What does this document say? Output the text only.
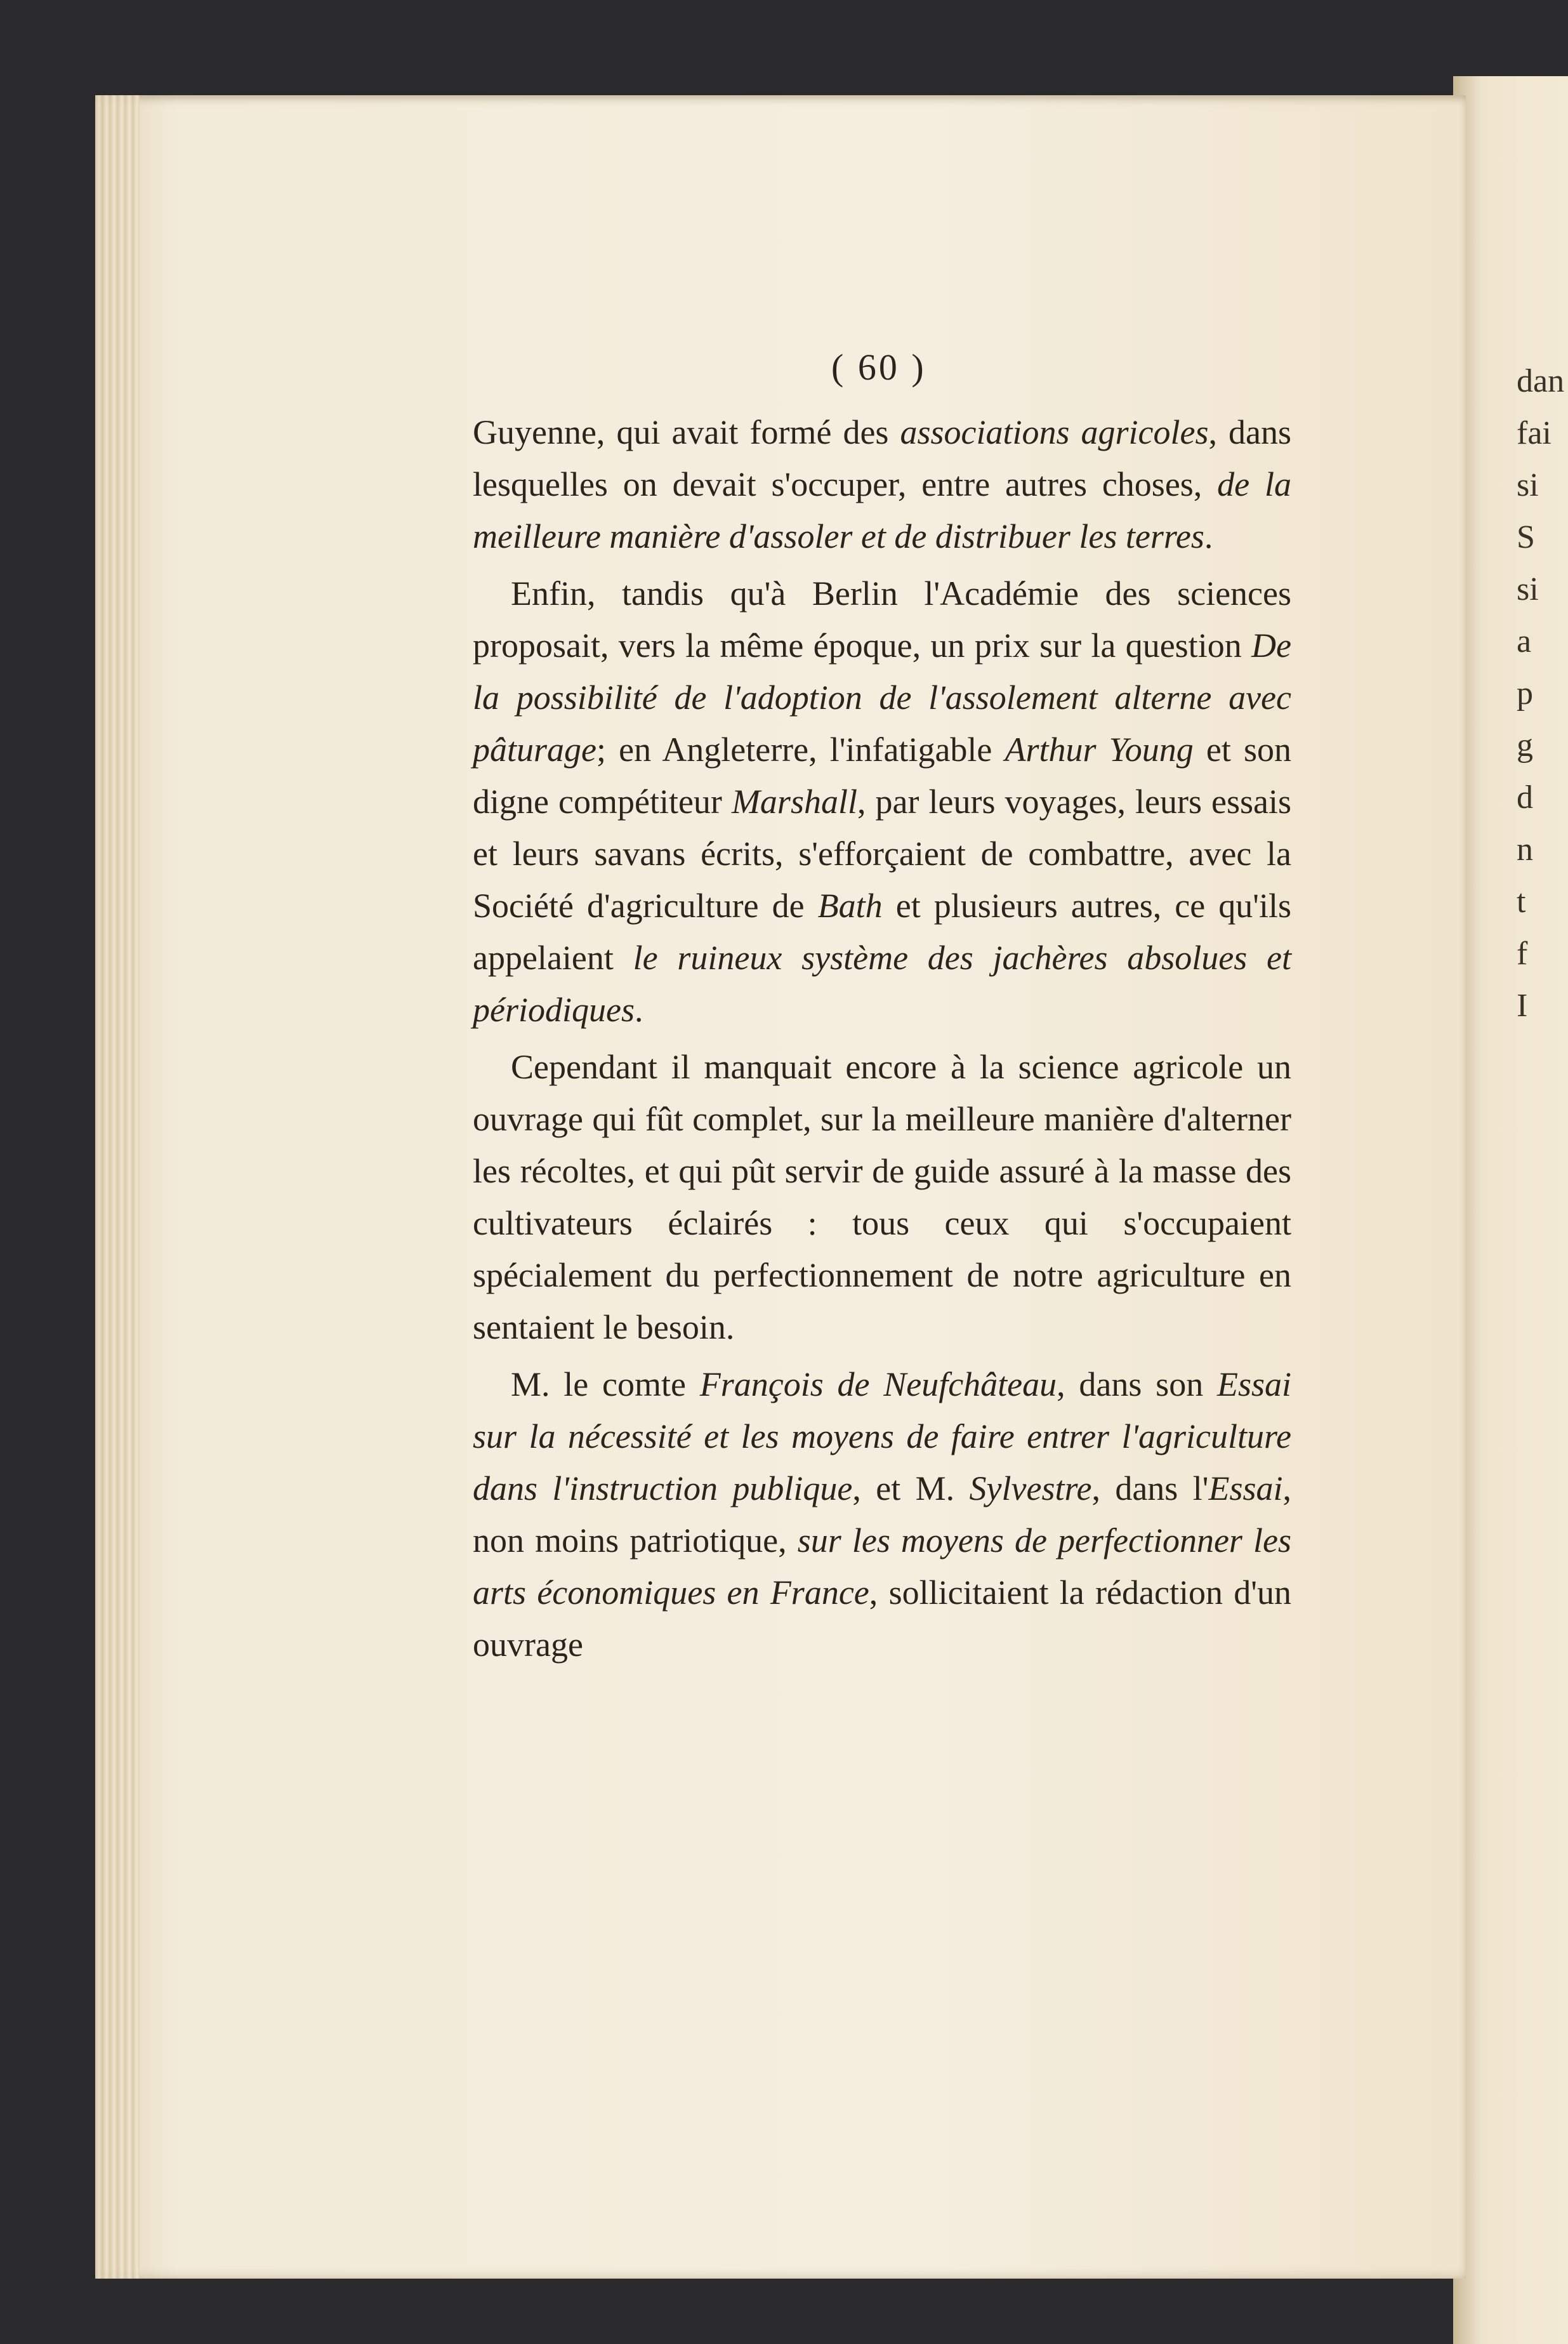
dan
fai
si
S
si
a
p
g
d
n
t
f
I
( 60 )

Guyenne, qui avait formé des associations agricoles, dans lesquelles on devait s'occuper, entre autres choses, de la meilleure manière d'assoler et de distribuer les terres.

Enfin, tandis qu'à Berlin l'Académie des sciences proposait, vers la même époque, un prix sur la question De la possibilité de l'adoption de l'assolement alterne avec pâturage; en Angleterre, l'infatigable Arthur Young et son digne compétiteur Marshall, par leurs voyages, leurs essais et leurs savans écrits, s'efforçaient de combattre, avec la Société d'agriculture de Bath et plusieurs autres, ce qu'ils appelaient le ruineux système des jachères absolues et périodiques.

Cependant il manquait encore à la science agricole un ouvrage qui fût complet, sur la meilleure manière d'alterner les récoltes, et qui pût servir de guide assuré à la masse des cultivateurs éclairés : tous ceux qui s'occupaient spécialement du perfectionnement de notre agriculture en sentaient le besoin.

M. le comte François de Neufchâteau, dans son Essai sur la nécessité et les moyens de faire entrer l'agriculture dans l'instruction publique, et M. Sylvestre, dans l'Essai, non moins patriotique, sur les moyens de perfectionner les arts économiques en France, sollicitaient la rédaction d'un ouvrage
